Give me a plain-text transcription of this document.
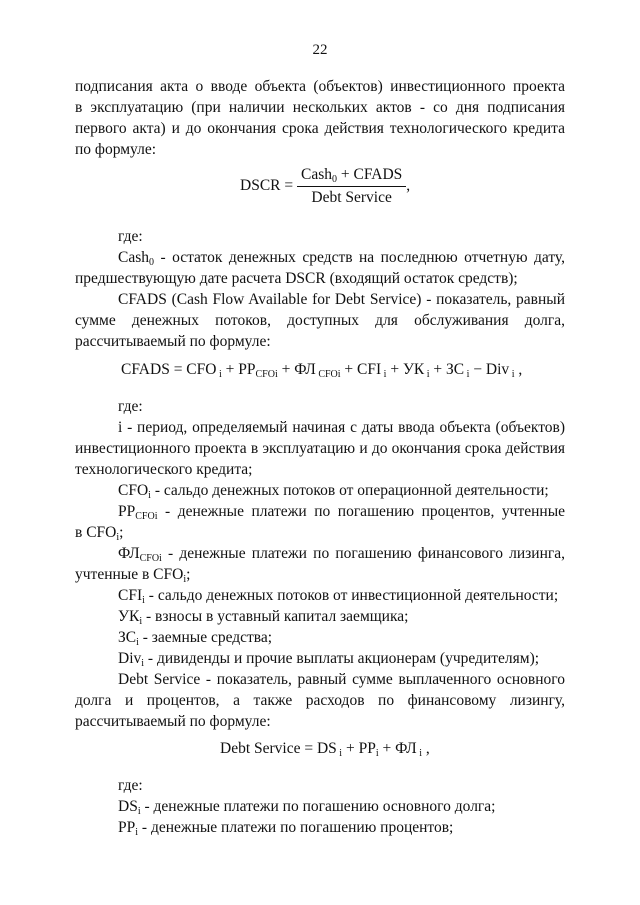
22

подписания акта о вводе объекта (объектов) инвестиционного проекта

в эксплуатацию (при наличии нескольких актов - со дня подписания

первого акта) и до окончания срока действия технологического кредита

по формуле:

DSCR = $\frac{Cash_0 + CFADS}{\text{Debt Service}}$ ,

где:

Cash$_0$ - остаток денежных средств на последнюю отчетную дату,

предшествующую дате расчета DSCR (входящий остаток средств);

CFADS (Cash Flow Available for Debt Service) - показатель, равный

сумме денежных потоков, доступных для обслуживания долга,

рассчитываемый по формуле:

CFADS = CFO $_i + PP_{CFOi}$ + ФЛ $_{CFOi}$ + CFI $_i$ + УК $_i$ + ЗС $_i$ − Div $_i$ ,

где:

i - период, определяемый начиная с даты ввода объекта (объектов)

инвестиционного проекта в эксплуатацию и до окончания срока действия

технологического кредита;

$CFO_i$ - сальдо денежных потоков от операционной деятельности;

$PP_{CFOi}$ - денежные платежи по погашению процентов, учтенные

в $CFO_i$;

$ФЛ_{CFOi}$ - денежные платежи по погашению финансового лизинга,

учтенные в $CFO_i$;

$CFI_i$ - сальдо денежных потоков от инвестиционной деятельности;

$УК_i$ - взносы в уставный капитал заемщика;

$ЗС_i$ - заемные средства;

Div$_i$ - дивиденды и прочие выплаты акционерам (учредителям);

Debt Service - показатель, равный сумме выплаченного основного

долга и процентов, а также расходов по финансовому лизингу,

рассчитываемый по формуле:

Debt Service = DS $_i + PP_i$ + ФЛ $_i$ ,

где:

$DS_i$ - денежные платежи по погашению основного долга;

$PP_i$ - денежные платежи по погашению процентов;
